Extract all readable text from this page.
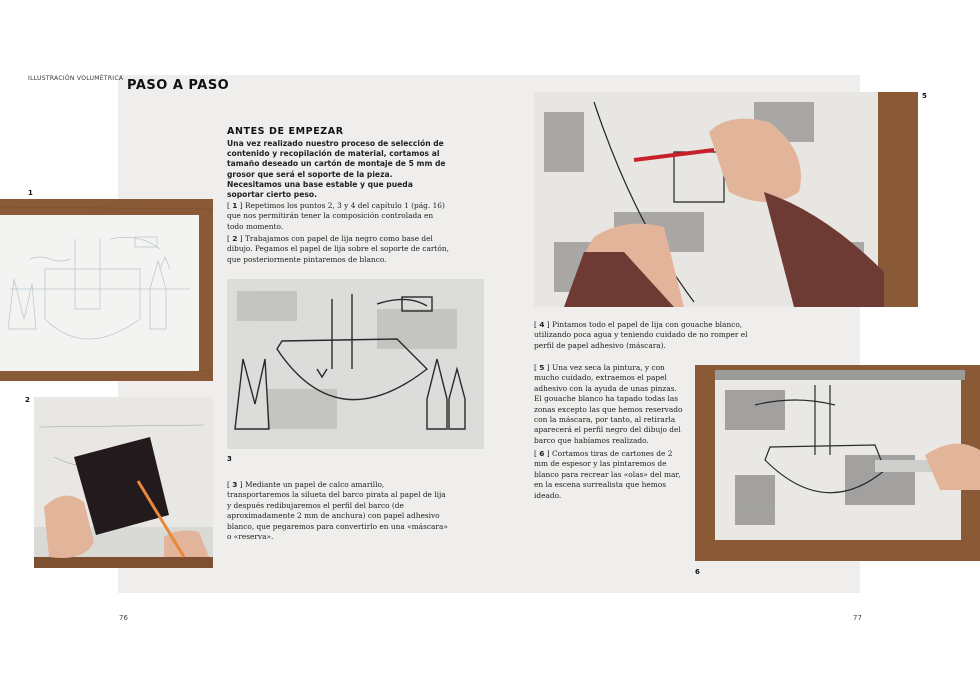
ILLUSTRACIÓN VOLUMÉTRICA PASO A PASO
1
2
3
5
6
ANTES DE EMPEZAR
Una vez realizado nuestro proceso de selección de contenido y recopilación de material, cortamos al tamaño deseado un cartón de montaje de 5 mm de grosor que será el soporte de la pieza. Necesitamos una base estable y que pueda soportar cierto peso.
[ 1 ] Repetimos los puntos 2, 3 y 4 del capítulo 1 (pág. 16) que nos permitirán tener la composición controlada en todo momento.
[ 2 ] Trabajamos con papel de lija negro como base del dibujo. Pegamos el papel de lija sobre el soporte de cartón, que posteriormente pintaremos de blanco.
[ 3 ] Mediante un papel de calco amarillo, transportaremos la silueta del barco pirata al papel de lija y después redibujaremos el perfil del barco (de aproximadamente 2 mm de anchura) con papel adhesivo blanco, que pegaremos para convertirlo en una «máscara» o «reserva».
[ 4 ] Pintamos todo el papel de lija con gouache blanco, utilizando poca agua y teniendo cuidado de no romper el perfil de papel adhesivo (máscara).
[ 5 ] Una vez seca la pintura, y con mucho cuidado, extraemos el papel adhesivo con la ayuda de unas pinzas. El gouache blanco ha tapado todas las zonas excepto las que hemos reservado con la máscara, por tanto, al retirarla aparecerá el perfil negro del dibujo del barco que habíamos realizado.
[ 6 ] Cortamos tiras de cartones de 2 mm de espesor y las pintaremos de blanco para recrear las «olas» del mar, en la escena surrealista que hemos ideado.
76	77
